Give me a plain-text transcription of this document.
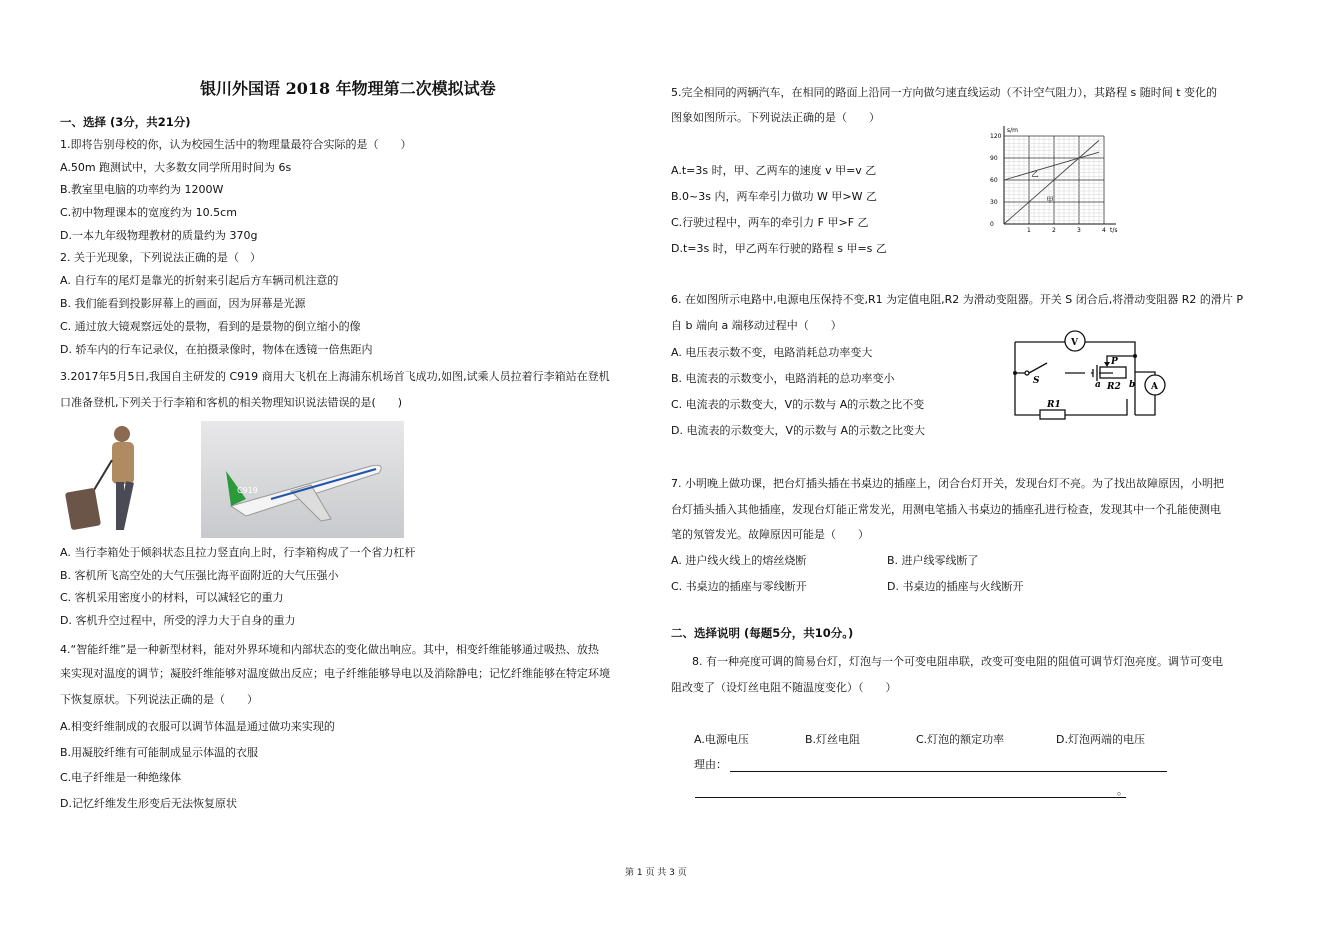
银川外国语 2018 年物理第二次模拟试卷
一、选择 (3分，共21分)
1.即将告别母校的你，认为校园生活中的物理量最符合实际的是（　　）
A.50m 跑测试中，大多数女同学所用时间为 6s
B.教室里电脑的功率约为 1200W
C.初中物理课本的宽度约为 10.5cm
D.一本九年级物理教材的质量约为 370g
2. 关于光现象，下列说法正确的是（　）
A. 自行车的尾灯是靠光的折射来引起后方车辆司机注意的
B. 我们能看到投影屏幕上的画面，因为屏幕是光源
C. 通过放大镜观察远处的景物，看到的是景物的倒立缩小的像
D. 轿车内的行车记录仪，在拍摄录像时，物体在透镜一倍焦距内
3.2017年5月5日,我国自主研发的 C919 商用大飞机在上海浦东机场首飞成功,如图,试乘人员拉着行李箱站在登机
口准备登机,下列关于行李箱和客机的相关物理知识说法错误的是(　　)
C919
A. 当行李箱处于倾斜状态且拉力竖直向上时，行李箱构成了一个省力杠杆
B. 客机所飞高空处的大气压强比海平面附近的大气压强小
C. 客机采用密度小的材料，可以减轻它的重力
D. 客机升空过程中，所受的浮力大于自身的重力
4.“智能纤维”是一种新型材料，能对外界环境和内部状态的变化做出响应。其中，相变纤维能够通过吸热、放热
来实现对温度的调节；凝胶纤维能够对温度做出反应；电子纤维能够导电以及消除静电；记忆纤维能够在特定环境
下恢复原状。下列说法正确的是（　　）
A.相变纤维制成的衣服可以调节体温是通过做功来实现的
B.用凝胶纤维有可能制成显示体温的衣服
C.电子纤维是一种绝缘体
D.记忆纤维发生形变后无法恢复原状
5.完全相同的两辆汽车，在相同的路面上沿同一方向做匀速直线运动（不计空气阻力），其路程 s 随时间 t 变化的
图象如图所示。下列说法正确的是（　　）
A.t=3s 时，甲、乙两车的速度 v 甲=v 乙
B.0~3s 内，两车牵引力做功 W 甲>W 乙
C.行驶过程中，两车的牵引力 F 甲>F 乙
D.t=3s 时，甲乙两车行驶的路程 s 甲=s 乙
1	2	3	4
0
30
60
90
120
t/s
s/m
甲
乙
6. 在如图所示电路中,电源电压保持不变,R1 为定值电阻,R2 为滑动变阻器。开关 S 闭合后,将滑动变阻器 R2 的滑片 P
自 b 端向 a 端移动过程中（　　）
A. 电压表示数不变，电路消耗总功率变大
B. 电流表的示数变小，电路消耗的总功率变小
C. 电流表的示数变大，V的示数与 A的示数之比不变
D. 电流表的示数变大，V的示数与 A的示数之比变大
V
A
S
P
R2
R1
a	b
7. 小明晚上做功课，把台灯插头插在书桌边的插座上，闭合台灯开关，发现台灯不亮。为了找出故障原因，小明把
台灯插头插入其他插座，发现台灯能正常发光，用测电笔插入书桌边的插座孔进行检查，发现其中一个孔能使测电
笔的氖管发光。故障原因可能是（　　）
A. 进户线火线上的熔丝烧断	B. 进户线零线断了
C. 书桌边的插座与零线断开	D. 书桌边的插座与火线断开
二、选择说明 (每题5分，共10分。)
8. 有一种亮度可调的简易台灯，灯泡与一个可变电阻串联，改变可变电阻的阻值可调节灯泡亮度。调节可变电
阻改变了（设灯丝电阻不随温度变化）（　　）
A.电源电压	B.灯丝电阻	C.灯泡的额定功率	D.灯泡两端的电压
理由：
。
第 1 页 共 3 页
